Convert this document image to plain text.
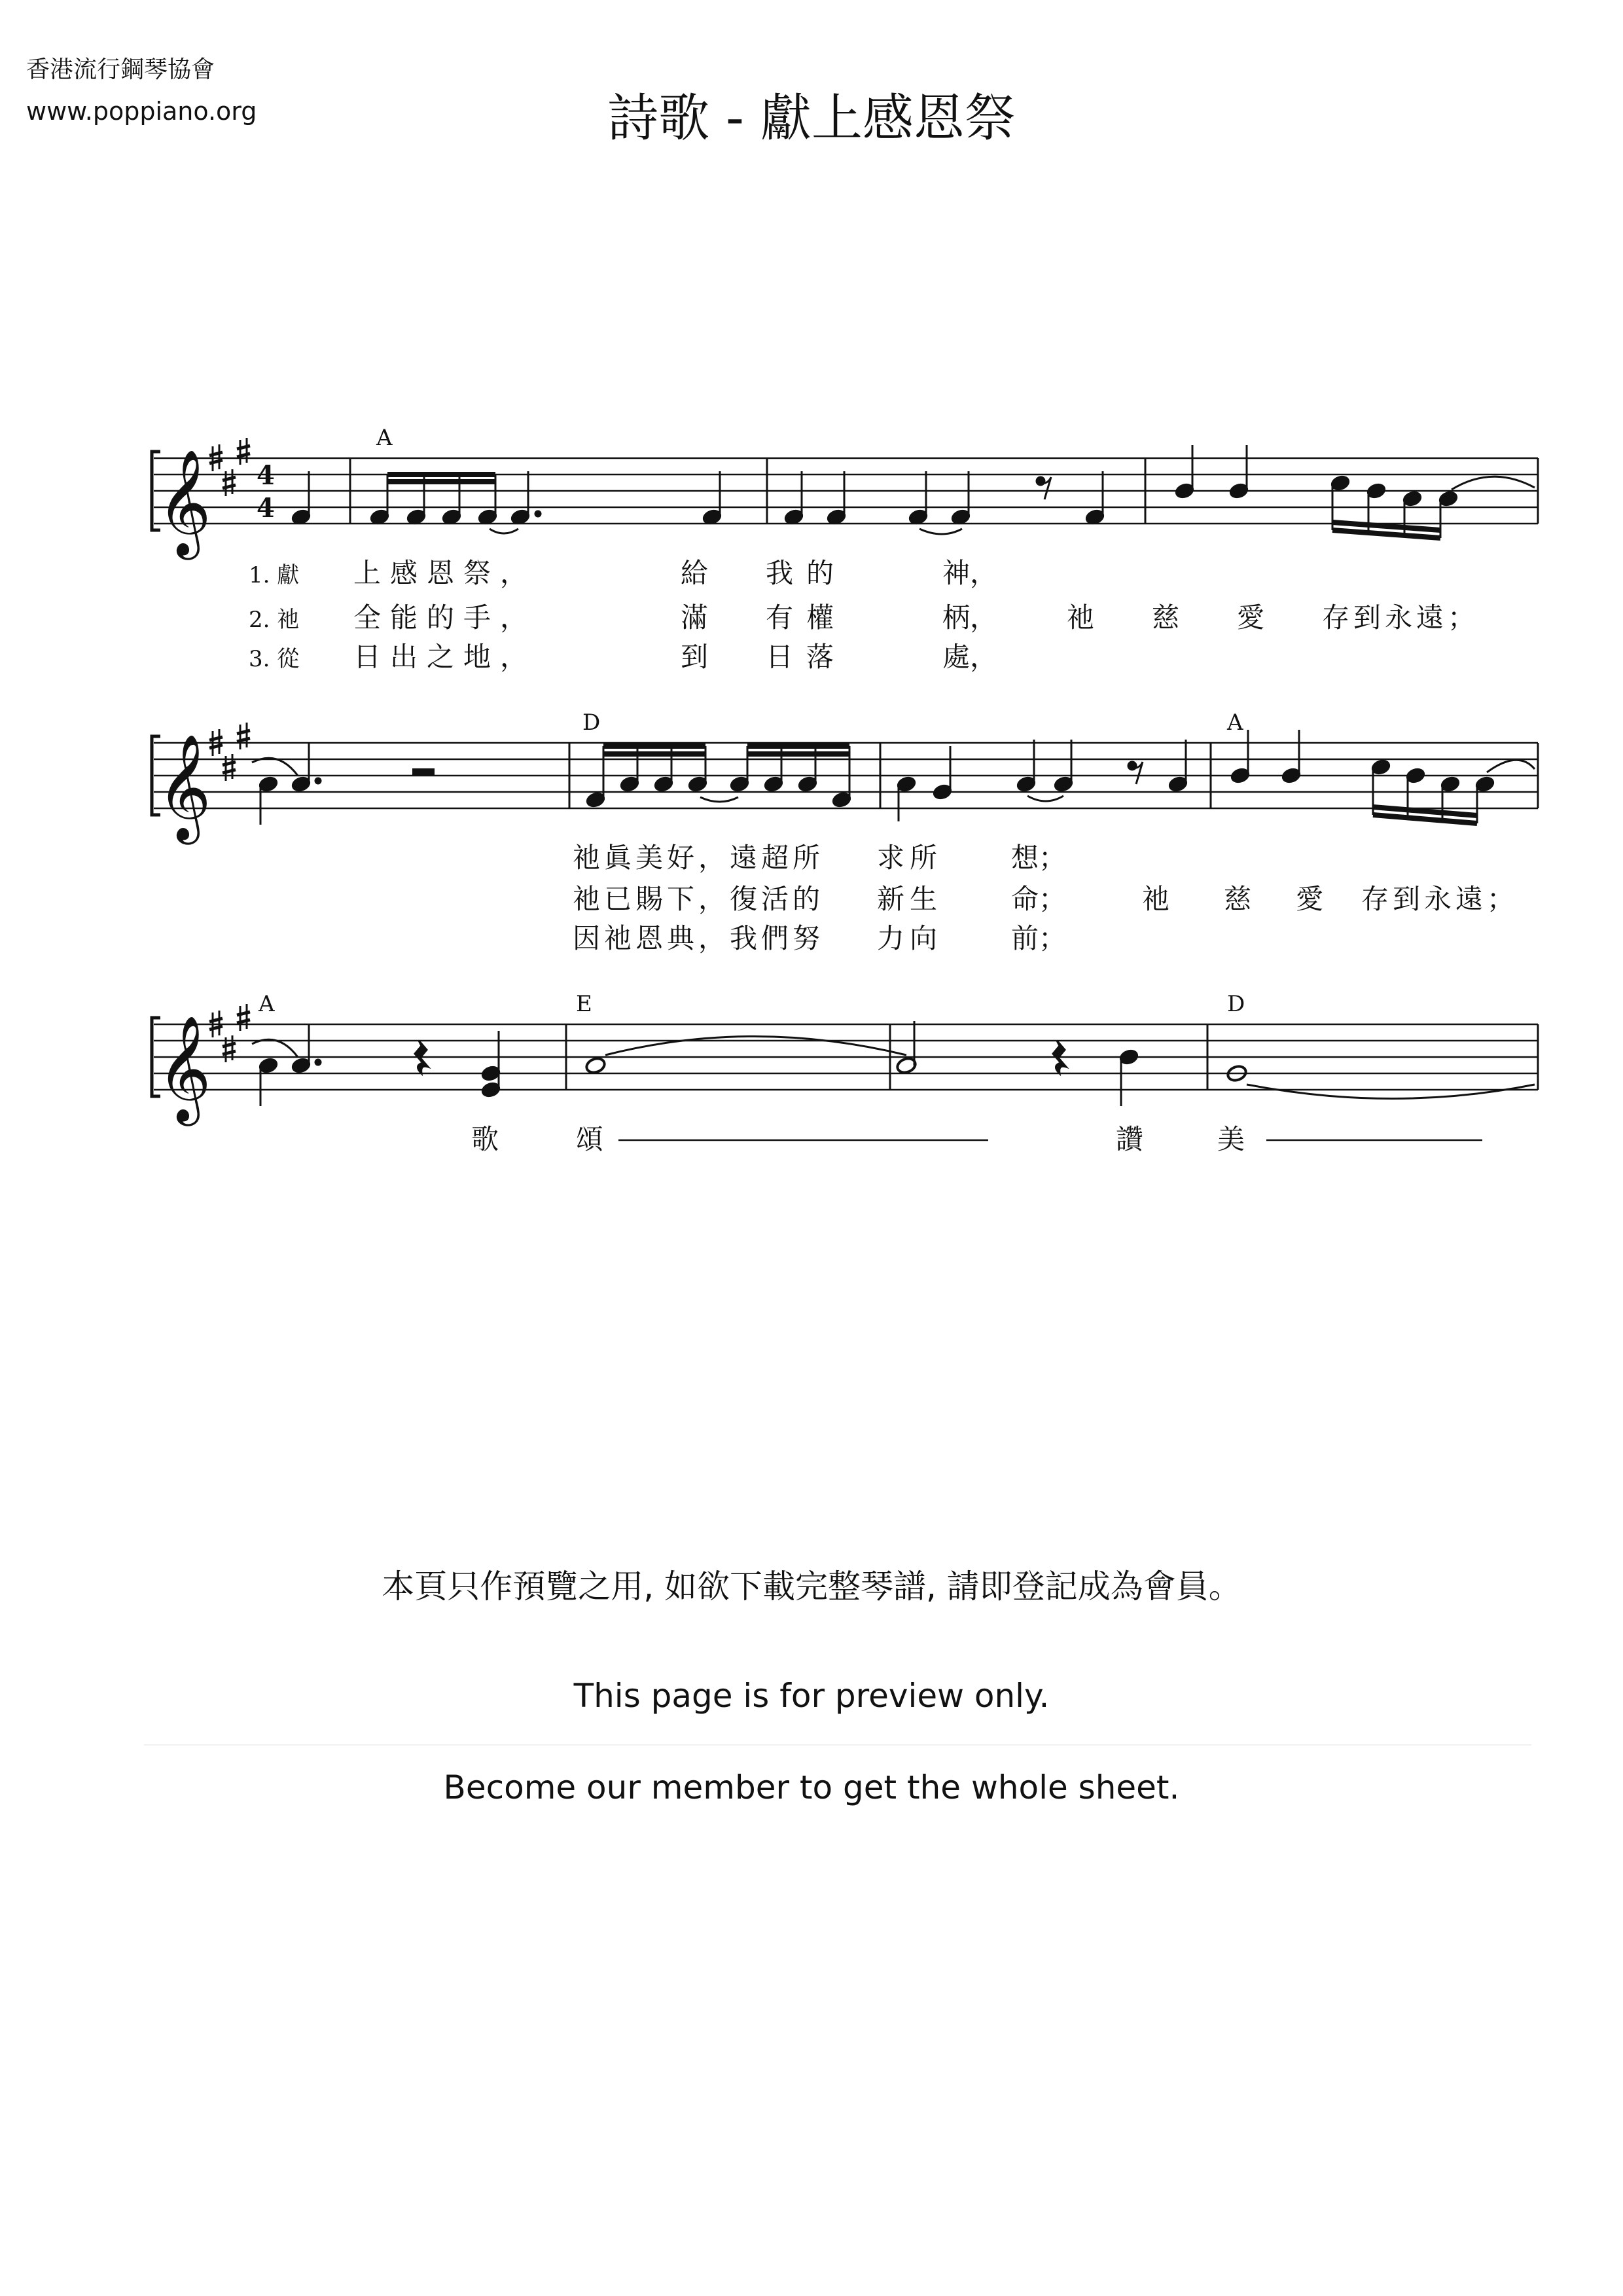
香港流行鋼琴協會
www.poppiano.org	詩歌 - 獻上感恩祭
𝄞 4
4
A
1. 獻 上感恩祭，	給 我的	神，
2. 祂 全能的手，	滿 有權	柄，	祂 慈 愛 存到永遠；
3. 從 日出之地，	到 日落	處，
𝄞
D	A
祂眞美好，遠超所 求所 想；
祂已賜下，復活的 新生 命；	祂 慈 愛 存到永遠；
因祂恩典，我們努 力向 前；
𝄞
A	E	D
歌	頌	讚	美
本頁只作預覽之用, 如欲下載完整琴譜, 請即登記成為會員。
This page is for preview only.
Become our member to get the whole sheet.
